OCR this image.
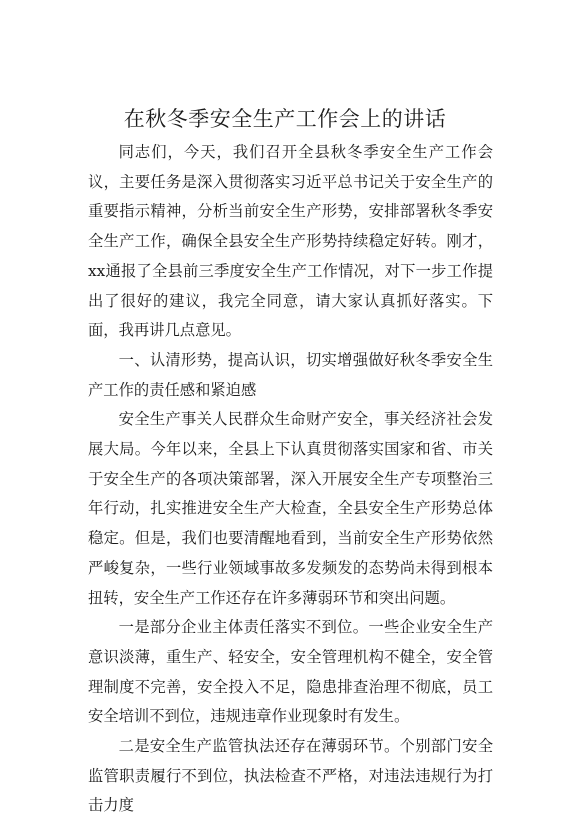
在秋冬季安全生产工作会上的讲话

同志们，今天，我们召开全县秋冬季安全生产工作会议，主要任务是深入贯彻落实习近平总书记关于安全生产的重要指示精神，分析当前安全生产形势，安排部署秋冬季安全生产工作，确保全县安全生产形势持续稳定好转。刚才，xx通报了全县前三季度安全生产工作情况，对下一步工作提出了很好的建议，我完全同意，请大家认真抓好落实。下面，我再讲几点意见。

一、认清形势，提高认识，切实增强做好秋冬季安全生产工作的责任感和紧迫感

安全生产事关人民群众生命财产安全，事关经济社会发展大局。今年以来，全县上下认真贯彻落实国家和省、市关于安全生产的各项决策部署，深入开展安全生产专项整治三年行动，扎实推进安全生产大检查，全县安全生产形势总体稳定。但是，我们也要清醒地看到，当前安全生产形势依然严峻复杂，一些行业领域事故多发频发的态势尚未得到根本扭转，安全生产工作还存在许多薄弱环节和突出问题。

一是部分企业主体责任落实不到位。一些企业安全生产意识淡薄，重生产、轻安全，安全管理机构不健全，安全管理制度不完善，安全投入不足，隐患排查治理不彻底，员工安全培训不到位，违规违章作业现象时有发生。

二是安全生产监管执法还存在薄弱环节。个别部门安全监管职责履行不到位，执法检查不严格，对违法违规行为打击力度
